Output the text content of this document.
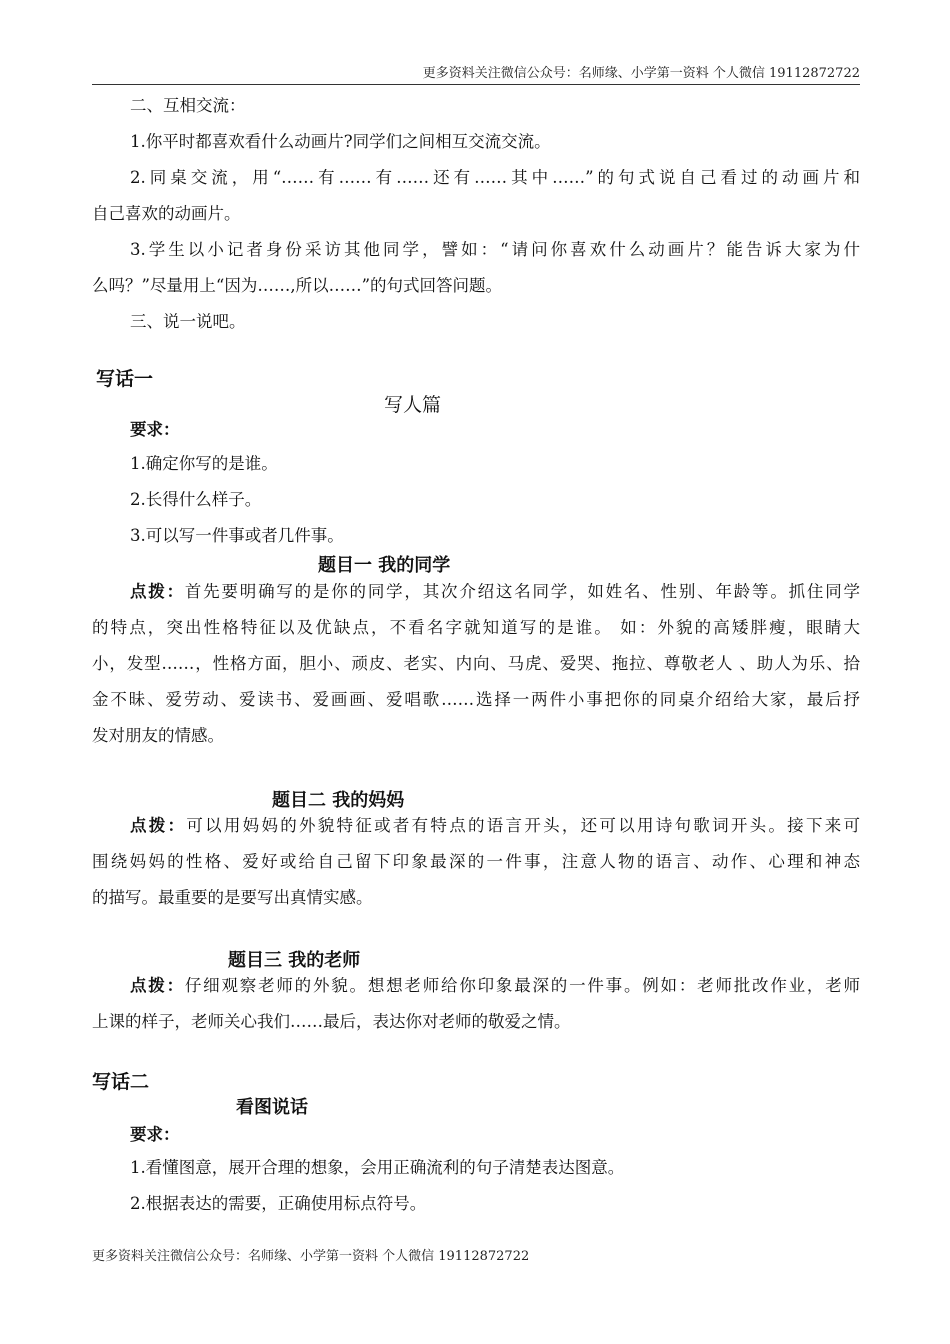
更多资料关注微信公众号：名师缘、小学第一资料 个人微信 19112872722
二、互相交流：
1.你平时都喜欢看什么动画片?同学们之间相互交流交流。
2.同桌交流，用“……有……有……还有……其中……”的句式说自己看过的动画片和
自己喜欢的动画片。
3.学生以小记者身份采访其他同学，譬如：“请问你喜欢什么动画片？能告诉大家为什
么吗？”尽量用上“因为……,所以……”的句式回答问题。
三、说一说吧。
写话一
写人篇
要求：
1.确定你写的是谁。
2.长得什么样子。
3.可以写一件事或者几件事。
题目一 我的同学
点拨：首先要明确写的是你的同学，其次介绍这名同学，如姓名、性别、年龄等。抓住同学
的特点，突出性格特征以及优缺点，不看名字就知道写的是谁。 如：外貌的高矮胖瘦，眼睛大
小，发型……，性格方面，胆小、顽皮、老实、内向、马虎、爱哭、拖拉、尊敬老人 、助人为乐、拾
金不昧、爱劳动、爱读书、爱画画、爱唱歌……选择一两件小事把你的同桌介绍给大家，最后抒
发对朋友的情感。
题目二 我的妈妈
点拨：可以用妈妈的外貌特征或者有特点的语言开头，还可以用诗句歌词开头。接下来可
围绕妈妈的性格、爱好或给自己留下印象最深的一件事，注意人物的语言、动作、心理和神态
的描写。最重要的是要写出真情实感。
题目三 我的老师
点拨：仔细观察老师的外貌。想想老师给你印象最深的一件事。例如：老师批改作业，老师
上课的样子，老师关心我们……最后，表达你对老师的敬爱之情。
写话二
看图说话
要求：
1.看懂图意，展开合理的想象，会用正确流利的句子清楚表达图意。
2.根据表达的需要，正确使用标点符号。
更多资料关注微信公众号：名师缘、小学第一资料 个人微信 19112872722
